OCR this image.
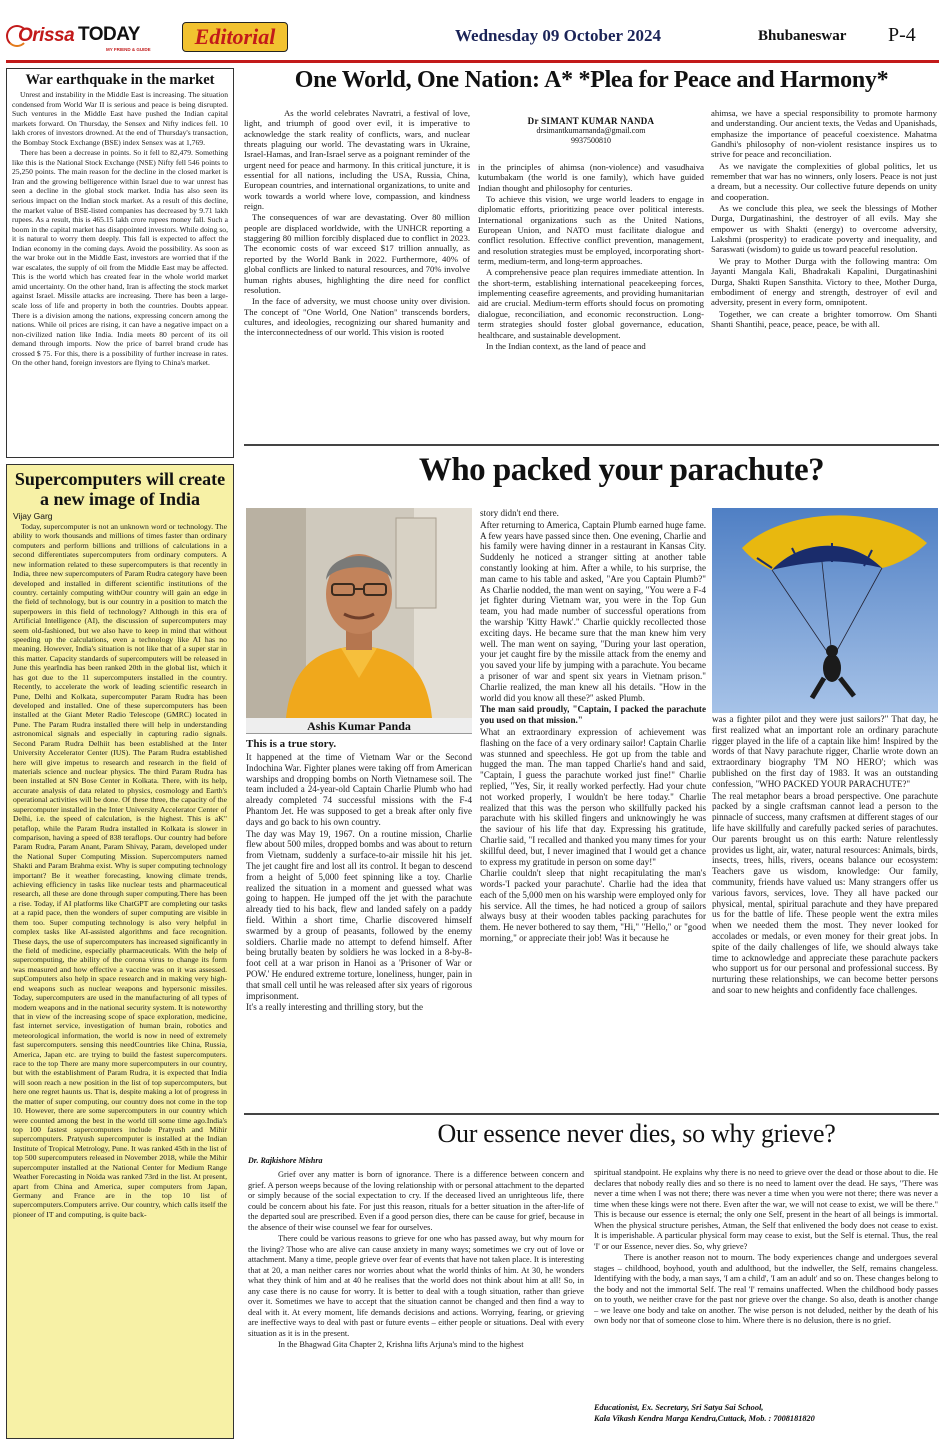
Orissa TODAY
MY FRIEND & GUIDE
Editorial	Wednesday 09 October 2024	Bhubaneswar	P-4
War earthquake in the market

Unrest and instability in the Middle East is increasing. The situation condensed from World War II is serious and peace is being disrupted. Such ventures in the Middle East have pushed the Indian capital markets forward. On Thursday, the Sensex and Nifty indices fell. 10 lakh crores of investors drowned. At the end of Thursday's transaction, the Bombay Stock Exchange (BSE) index Sensex was at 1,769.

There has been a decrease in points. So it fell to 82,479. Something like this is the National Stock Exchange (NSE) Nifty fell 546 points to 25,250 points. The main reason for the decline in the closed market is Iran and the growing belligerence within Israel due to war unrest has seen a decline in the global stock market. India has also seen its serious impact on the Indian stock market. As a result of this decline, the market value of BSE-listed companies has decreased by 9.71 lakh rupees. As a result, this is 465.15 lakh crore rupees money fall. Such a boom in the capital market has disappointed investors. While doing so, it is natural to worry them deeply. This fall is expected to affect the Indian economy in the coming days. Avoid the possibility. As soon as the war broke out in the Middle East, investors are worried that if the war escalates, the supply of oil from the Middle East may be affected. This is the world which has created fear in the whole world market amid uncertainty. On the other hand, Iran is affecting the stock market against Israel. Missile attacks are increasing. There has been a large-scale loss of life and property in both the countries. Doubts appear. There is a division among the nations, expressing concern among the nations. While oil prices are rising, it can have a negative impact on a non-civilized nation like India. India meets 80 percent of its oil demand through imports. Now the price of barrel brand crude has crossed $ 75. For this, there is a possibility of further increase in rates. On the other hand, foreign investors are flying to China's market.

Supercomputers will create a new image of India
Vijay Garg

Today, supercomputer is not an unknown word or technology. The ability to work thousands and millions of times faster than ordinary computers and perform billions and trillions of calculations in a second differentiates supercomputers from ordinary computers. A new information related to these supercomputers is that recently in India, three new supercomputers of Param Rudra category have been developed and installed in different scientific institutions of the country. certainly computing withOur country will gain an edge in the field of technology, but is our country in a position to match the superpowers in this field of technology? Although in this era of Artificial Intelligence (AI), the discussion of supercomputers may seem old-fashioned, but we also have to keep in mind that without speeding up the calculations, even a technology like AI has no meaning. However, India's situation is not like that of a super star in this matter. Capacity standards of supercomputers will be released in June this yearIndia has been ranked 20th in the global list, which it has got due to the 11 supercomputers installed in the country. Recently, to accelerate the work of leading scientific research in Pune, Delhi and Kolkata, supercomputer Param Rudra has been developed and installed. One of these supercomputers has been installed at the Giant Meter Radio Telescope (GMRC) located in Pune. The Param Rudra installed there will help in understanding astronomical signals and especially in capturing radio signals. Second Param Rudra Delhiit has been established at the Inter University Accelerator Center (IUS). The Param Rudra established here will give impetus to research and research in the field of materials science and nuclear physics. The third Param Rudra has been installed at SN Bose Center in Kolkata. There, with its help, accurate analysis of data related to physics, cosmology and Earth's operational activities will be done. Of these three, the capacity of the supercomputer installed in the Inter University Accelerator Center of Delhi, i.e. the speed of calculation, is the highest. This is aK" petaflop, while the Param Rudra installed in Kolkata is slower in comparison, having a speed of 838 teraflops. Our country had before Param Rudra, Param Anant, Param Shivay, Param, developed under the National Super Computing Mission. Supercomputers named Shakti and Param Brahma exist. Why is super computing technology important? Be it weather forecasting, knowing climate trends, achieving efficiency in tasks like nuclear tests and pharmaceutical research, all these are done through super computing.There has been a rise. Today, if AI platforms like ChatGPT are completing our tasks at a rapid pace, then the wonders of super computing are visible in them too. Super computing technology is also very helpful in complex tasks like AI-assisted algorithms and face recognition. These days, the use of supercomputers has increased significantly in the field of medicine, especially pharmaceuticals. With the help of supercomputing, the ability of the corona virus to change its form was measured and how effective a vaccine was on it was assessed. supComputers also help in space research and in making very high-end weapons such as nuclear weapons and hypersonic missiles. Today, supercomputers are used in the manufacturing of all types of modern weapons and in the national security system. It is noteworthy that in view of the increasing scope of space exploration, medicine, fast internet service, investigation of human brain, robotics and meteorological information, the world is now in need of extremely fast supercomputers. sensing this needCountries like China, Russia, America, Japan etc. are trying to build the fastest supercomputers. race to the top There are many more supercomputers in our country, but with the establishment of Param Rudra, it is expected that India will soon reach a new position in the list of top supercomputers, but here one regret haunts us. That is, despite making a lot of progress in the matter of super computing, our country does not come in the top 10. However, there are some supercomputers in our country which were counted among the best in the world till some time ago.India's top 100 fastest supercomputers include Pratyush and Mihir supercomputers. Pratyush supercomputer is installed at the Indian Institute of Tropical Metrology, Pune. It was ranked 45th in the list of top 500 supercomputers released in November 2018, while the Mihir supercomputer installed at the National Center for Medium Range Weather Forecasting in Noida was ranked 73rd in the list. At present, apart from China and America, super computers from Japan, Germany and France are in the top 10 list of supercomputers.Computers arrive. Our country, which calls itself the pioneer of IT and computing, is quite back-

One World, One Nation: A* *Plea for Peace and Harmony*

As the world celebrates Navratri, a festival of love, light, and triumph of good over evil, it is imperative to acknowledge the stark reality of conflicts, wars, and nuclear threats plaguing our world. The devastating wars in Ukraine, Israel-Hamas, and Iran-Israel serve as a poignant reminder of the urgent need for peace and harmony. In this critical juncture, it is essential for all nations, including the USA, Russia, China, European countries, and international organizations, to unite and work towards a world where love, compassion, and kindness reign.

The consequences of war are devastating. Over 80 million people are displaced worldwide, with the UNHCR reporting a staggering 80 million forcibly displaced due to conflict in 2023. The economic costs of war exceed $17 trillion annually, as reported by the World Bank in 2022. Furthermore, 40% of global conflicts are linked to natural resources, and 70% involve human rights abuses, highlighting the dire need for conflict resolution.

In the face of adversity, we must choose unity over division. The concept of "One World, One Nation" transcends borders, cultures, and ideologies, recognizing our shared humanity and the interconnectedness of our world. This vision is rooted

Dr SIMANT KUMAR NANDA
drsimantkumarnanda@gmail.com
9937500810

in the principles of ahimsa (non-violence) and vasudhaiva kutumbakam (the world is one family), which have guided Indian thought and philosophy for centuries.

To achieve this vision, we urge world leaders to engage in diplomatic efforts, prioritizing peace over political interests. International organizations such as the United Nations, European Union, and NATO must facilitate dialogue and conflict resolution. Effective conflict prevention, management, and resolution strategies must be employed, incorporating short-term, medium-term, and long-term approaches.

A comprehensive peace plan requires immediate attention. In the short-term, establishing international peacekeeping forces, implementing ceasefire agreements, and providing humanitarian aid are crucial. Medium-term efforts should focus on promoting dialogue, reconciliation, and economic reconstruction. Long-term strategies should foster global governance, education, healthcare, and sustainable development.

In the Indian context, as the land of peace and

ahimsa, we have a special responsibility to promote harmony and understanding. Our ancient texts, the Vedas and Upanishads, emphasize the importance of peaceful coexistence. Mahatma Gandhi's philosophy of non-violent resistance inspires us to strive for peace and reconciliation.

As we navigate the complexities of global politics, let us remember that war has no winners, only losers. Peace is not just a dream, but a necessity. Our collective future depends on unity and cooperation.

As we conclude this plea, we seek the blessings of Mother Durga, Durgatinashini, the destroyer of all evils. May she empower us with Shakti (energy) to overcome adversity, Lakshmi (prosperity) to eradicate poverty and inequality, and Saraswati (wisdom) to guide us toward peaceful resolution.

We pray to Mother Durga with the following mantra: Om Jayanti Mangala Kali, Bhadrakali Kapalini, Durgatinashini Durga, Shakti Rupen Sansthita. Victory to thee, Mother Durga, embodiment of energy and strength, destroyer of evil and adversity, present in every form, omnipotent.

Together, we can create a brighter tomorrow. Om Shanti Shanti Shantihi, peace, peace, peace, be with all.

Who packed your parachute?
Ashis Kumar Panda

This is a true story.

It happened at the time of Vietnam War or the Second Indochina War. Fighter planes were taking off from American warships and dropping bombs on North Vietnamese soil. The team included a 24-year-old Captain Charlie Plumb who had already completed 74 successful missions with the F-4 Phantom Jet. He was supposed to get a break after only five days and go back to his own country.

The day was May 19, 1967. On a routine mission, Charlie flew about 500 miles, dropped bombs and was about to return from Vietnam, suddenly a surface-to-air missile hit his jet. The jet caught fire and lost all its control. It began to descend from a height of 5,000 feet spinning like a toy. Charlie realized the situation in a moment and guessed what was going to happen. He jumped off the jet with the parachute already tied to his back, flew and landed safely on a paddy field. Within a short time, Charlie discovered himself swarmed by a group of peasants, followed by the enemy soldiers. Charlie made no attempt to defend himself. After being brutally beaten by soldiers he was locked in a 8-by-8-foot cell at a war prison in Hanoi as a 'Prisoner of War or POW.' He endured extreme torture, loneliness, hunger, pain in that small cell until he was released after six years of rigorous imprisonment.

It's a really interesting and thrilling story, but the

story didn't end there.

After returning to America, Captain Plumb earned huge fame. A few years have passed since then. One evening, Charlie and his family were having dinner in a restaurant in Kansas City. Suddenly he noticed a stranger sitting at another table constantly looking at him. After a while, to his surprise, the man came to his table and asked, "Are you Captain Plumb?" As Charlie nodded, the man went on saying, "You were a F-4 jet fighter during Vietnam war, you were in the Top Gun team, you had made number of successful operations from the warship 'Kitty Hawk'." Charlie quickly recollected those exciting days. He became sure that the man knew him very well. The man went on saying, "During your last operation, your jet caught fire by the missile attack from the enemy and you saved your life by jumping with a parachute. You became a prisoner of war and spent six years in Vietnam prison." Charlie realized, the man knew all his details. "How in the world did you know all these?" asked Plumb.

The man said proudly, "Captain, I packed the parachute you used on that mission."

What an extraordinary expression of achievement was flashing on the face of a very ordinary sailor! Captain Charlie was stunned and speechless. He got up from the table and hugged the man. The man tapped Charlie's hand and said, "Captain, I guess the parachute worked just fine!" Charlie replied, "Yes, Sir, it really worked perfectly. Had your chute not worked properly, I wouldn't be here today." Charlie realized that this was the person who skillfully packed his parachute with his skilled fingers and unknowingly he was the saviour of his life that day. Expressing his gratitude, Charlie said, "I recalled and thanked you many times for your skillful deed, but, I never imagined that I would get a chance to express my gratitude in person on some day!"

Charlie couldn't sleep that night recapitulating the man's words-'I packed your parachute'. Charlie had the idea that each of the 5,000 men on his warship were employed only for his service. All the times, he had noticed a group of sailors always busy at their wooden tables packing parachutes for them. He never bothered to say them, "Hi," "Hello," or "good morning," or appreciate their job! Was it because he

was a fighter pilot and they were just sailors?" That day, he first realized what an important role an ordinary parachute rigger played in the life of a captain like him! Inspired by the words of that Navy parachute rigger, Charlie wrote down an extraordinary biography 'I'M NO HERO'; which was published on the first day of 1983. It was an outstanding confession, "WHO PACKED YOUR PARACHUTE?"

The real metaphor bears a broad perspective. One parachute packed by a single craftsman cannot lead a person to the pinnacle of success, many craftsmen at different stages of our life have skillfully and carefully packed series of parachutes. Our parents brought us on this earth: Nature relentlessly provides us light, air, water, natural resources: Animals, birds, insects, trees, hills, rivers, oceans balance our ecosystem: Teachers gave us wisdom, knowledge: Our family, community, friends have valued us: Many strangers offer us various favors, services, love. They all have packed our physical, mental, spiritual parachute and they have prepared us for the battle of life. These people went the extra miles when we needed them the most. They never looked for accolades or medals, or even money for their great jobs. In spite of the daily challenges of life, we should always take time to acknowledge and appreciate these parachute packers who support us for our personal and professional success. By nurturing these relationships, we can become better persons and soar to new heights and confidently face challenges.

Our essence never dies, so why grieve?
Dr. Rajkishore Mishra

Grief over any matter is born of ignorance. There is a difference between concern and grief. A person weeps because of the loving relationship with or personal attachment to the departed or simply because of the social expectation to cry. If the deceased lived an unrighteous life, there could be concern about his fate. For just this reason, rituals for a better situation in the after-life of the departed soul are prescribed. Even if a good person dies, there can be cause for grief, because in the absence of their wise counsel we fear for ourselves.

There could be various reasons to grieve for one who has passed away, but why mourn for the living? Those who are alive can cause anxiety in many ways; sometimes we cry out of love or attachment. Many a time, people grieve over fear of events that have not taken place. It is interesting that at 20, a man neither cares nor worries about what the world thinks of him. At 30, he wonders what they think of him and at 40 he realises that the world does not think about him at all! So, in any case there is no cause for worry. It is better to deal with a tough situation, rather than grieve over it. Sometimes we have to accept that the situation cannot be changed and then find a way to deal with it. At every moment, life demands decisions and actions. Worrying, fearing, or grieving are ineffective ways to deal with past or future events – either people or situations. Deal with every situation as it is in the present.

In the Bhagwad Gita Chapter 2, Krishna lifts Arjuna's mind to the highest

spiritual standpoint. He explains why there is no need to grieve over the dead or those about to die. He declares that nobody really dies and so there is no need to lament over the dead. He says, "There was never a time when I was not there; there was never a time when you were not there; there was never a time when these kings were not there. Even after the war, we will not cease to exist, we will be there." This is because our essence is eternal; the only one Self, present in the heart of all beings is immortal. When the physical structure perishes, Atman, the Self that enlivened the body does not cease to exist. It is imperishable. A particular physical form may cease to exist, but the Self is eternal. Thus, the real 'I' or our Essence, never dies. So, why grieve?

There is another reason not to mourn. The body experiences change and undergoes several stages – childhood, boyhood, youth and adulthood, but the indweller, the Self, remains changeless. Identifying with the body, a man says, 'I am a child', 'I am an adult' and so on. These changes belong to the body and not the immortal Self. The real 'I' remains unaffected. When the childhood body passes on to youth, we neither crave for the past nor grieve over the change. So also, death is another change – we leave one body and take on another. The wise person is not deluded, neither by the death of his own body nor that of someone close to him. Where there is no delusion, there is no grief.

Educationist, Ex. Secretary, Sri Satya Sai School,
Kala Vikash Kendra Marga Kendra,Cuttack, Mob. : 7008181820
